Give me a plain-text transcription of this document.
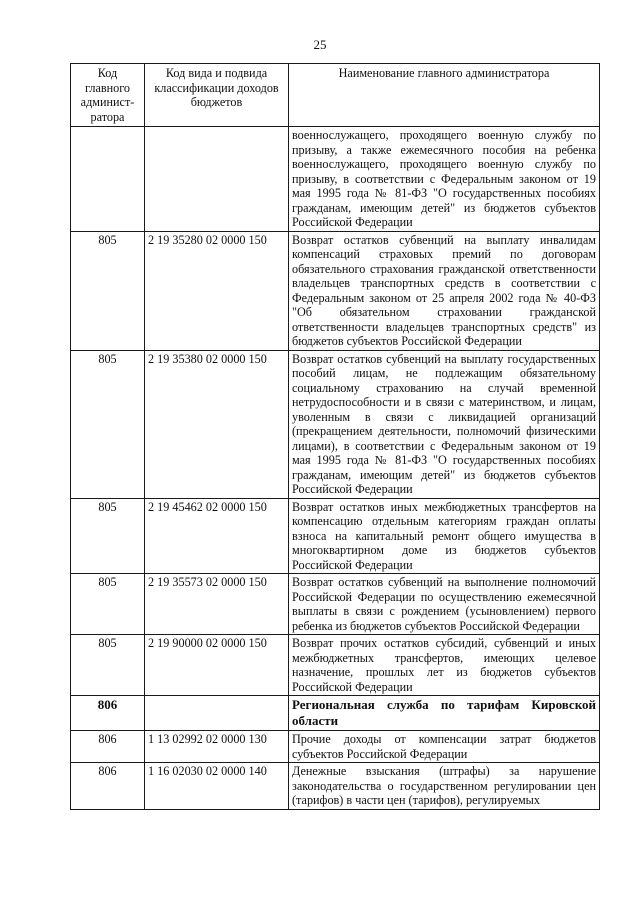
25
Код главного админист-ратора	Код вида и подвида классификации доходов бюджетов	Наименование главного администратора
		военнослужащего, проходящего военную службу по призыву, а также ежемесячного пособия на ребенка военнослужащего, проходящего военную службу по призыву, в соответствии с Федеральным законом от 19 мая 1995 года № 81-ФЗ "О государственных пособиях гражданам, имеющим детей" из бюджетов субъектов Российской Федерации
805	2 19 35280 02 0000 150	Возврат остатков субвенций на выплату инвалидам компенсаций страховых премий по договорам обязательного страхования гражданской ответственности владельцев транспортных средств в соответствии с Федеральным законом от 25 апреля 2002 года № 40-ФЗ "Об обязательном страховании гражданской ответственности владельцев транспортных средств" из бюджетов субъектов Российской Федерации
805	2 19 35380 02 0000 150	Возврат остатков субвенций на выплату государственных пособий лицам, не подлежащим обязательному социальному страхованию на случай временной нетрудоспособности и в связи с материнством, и лицам, уволенным в связи с ликвидацией организаций (прекращением деятельности, полномочий физическими лицами), в соответствии с Федеральным законом от 19 мая 1995 года № 81-ФЗ "О государственных пособиях гражданам, имеющим детей" из бюджетов субъектов Российской Федерации
805	2 19 45462 02 0000 150	Возврат остатков иных межбюджетных трансфертов на компенсацию отдельным категориям граждан оплаты взноса на капитальный ремонт общего имущества в многоквартирном доме из бюджетов субъектов Российской Федерации
805	2 19 35573 02 0000 150	Возврат остатков субвенций на выполнение полномочий Российской Федерации по осуществлению ежемесячной выплаты в связи с рождением (усыновлением) первого ребенка из бюджетов субъектов Российской Федерации
805	2 19 90000 02 0000 150	Возврат прочих остатков субсидий, субвенций и иных межбюджетных трансфертов, имеющих целевое назначение, прошлых лет из бюджетов субъектов Российской Федерации
806		Региональная служба по тарифам Кировской области
806	1 13 02992 02 0000 130	Прочие доходы от компенсации затрат бюджетов субъектов Российской Федерации
806	1 16 02030 02 0000 140	Денежные взыскания (штрафы) за нарушение законодательства о государственном регулировании цен (тарифов) в части цен (тарифов), регулируемых
